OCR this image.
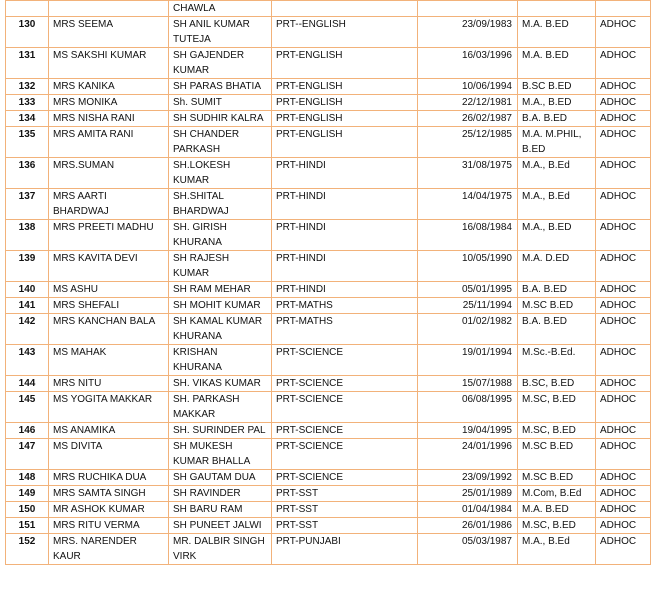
		CHAWLA				
130	MRS SEEMA	SH ANIL KUMAR TUTEJA	PRT--ENGLISH	23/09/1983	M.A. B.ED	ADHOC
131	MS SAKSHI KUMAR	SH GAJENDER KUMAR	PRT-ENGLISH	16/03/1996	M.A. B.ED	ADHOC
132	MRS KANIKA	SH PARAS BHATIA	PRT-ENGLISH	10/06/1994	B.SC B.ED	ADHOC
133	MRS MONIKA	Sh. SUMIT	PRT-ENGLISH	22/12/1981	M.A., B.ED	ADHOC
134	MRS NISHA RANI	SH SUDHIR KALRA	PRT-ENGLISH	26/02/1987	B.A. B.ED	ADHOC
135	MRS AMITA RANI	SH CHANDER PARKASH	PRT-ENGLISH	25/12/1985	M.A. M.PHIL, B.ED	ADHOC
136	MRS.SUMAN	SH.LOKESH KUMAR	PRT-HINDI	31/08/1975	M.A., B.Ed	ADHOC
137	MRS AARTI BHARDWAJ	SH.SHITAL BHARDWAJ	PRT-HINDI	14/04/1975	M.A., B.Ed	ADHOC
138	MRS PREETI MADHU	SH. GIRISH KHURANA	PRT-HINDI	16/08/1984	M.A., B.ED	ADHOC
139	MRS KAVITA DEVI	SH RAJESH KUMAR	PRT-HINDI	10/05/1990	M.A. D.ED	ADHOC
140	MS ASHU	SH RAM MEHAR	PRT-HINDI	05/01/1995	B.A. B.ED	ADHOC
141	MRS SHEFALI	SH MOHIT KUMAR	PRT-MATHS	25/11/1994	M.SC B.ED	ADHOC
142	MRS KANCHAN BALA	SH KAMAL KUMAR KHURANA	PRT-MATHS	01/02/1982	B.A. B.ED	ADHOC
143	MS MAHAK	KRISHAN KHURANA	PRT-SCIENCE	19/01/1994	M.Sc.-B.Ed.	ADHOC
144	MRS NITU	SH. VIKAS KUMAR	PRT-SCIENCE	15/07/1988	B.SC, B.ED	ADHOC
145	MS YOGITA MAKKAR	SH. PARKASH MAKKAR	PRT-SCIENCE	06/08/1995	M.SC, B.ED	ADHOC
146	MS ANAMIKA	SH. SURINDER PAL	PRT-SCIENCE	19/04/1995	M.SC, B.ED	ADHOC
147	MS DIVITA	SH MUKESH KUMAR BHALLA	PRT-SCIENCE	24/01/1996	M.SC B.ED	ADHOC
148	MRS RUCHIKA DUA	SH GAUTAM DUA	PRT-SCIENCE	23/09/1992	M.SC B.ED	ADHOC
149	MRS SAMTA SINGH	SH RAVINDER	PRT-SST	25/01/1989	M.Com, B.Ed	ADHOC
150	MR ASHOK KUMAR	SH BARU RAM	PRT-SST	01/04/1984	M.A. B.ED	ADHOC
151	MRS RITU VERMA	SH PUNEET JALWI	PRT-SST	26/01/1986	M.SC, B.ED	ADHOC
152	MRS. NARENDER KAUR	MR. DALBIR SINGH VIRK	PRT-PUNJABI	05/03/1987	M.A., B.Ed	ADHOC
